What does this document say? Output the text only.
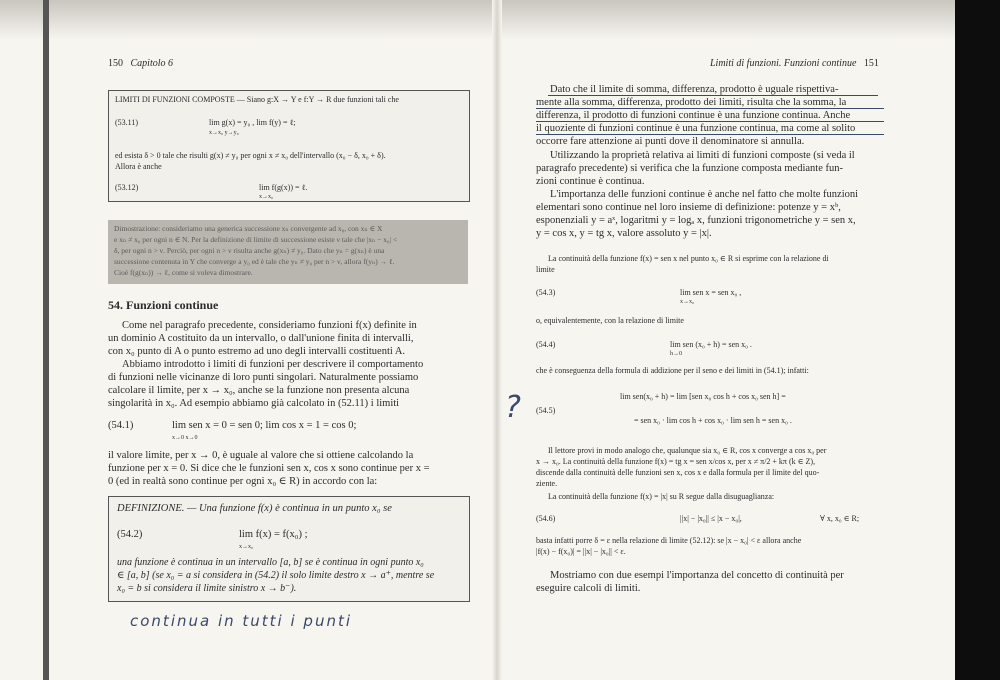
150 Capitolo 6
LIMITI DI FUNZIONI COMPOSTE — Siano g:X → Y e f:Y → R due funzioni tali che
(53.11)	lim g(x) = y₀ , lim f(y) = ℓ;
x→x₀ y→y₀
ed esista δ > 0 tale che risulti g(x) ≠ y₀ per ogni x ≠ x₀ dell'intervallo (x₀ − δ, x₀ + δ).
Allora è anche
(53.12)	lim f(g(x)) = ℓ.
x→x₀
Dimostrazione: consideriamo una generica successione xₙ convergente ad x₀, con xₙ ∈ X
e xₙ ≠ x₀ per ogni n ∈ N. Per la definizione di limite di successione esiste ν tale che |xₙ − x₀| <
δ, per ogni n > ν. Perciò, per ogni n > ν risulta anche g(xₙ) ≠ y₀. Dato che yₙ = g(xₙ) è una
successione contenuta in Y che converge a y₀ ed è tale che yₙ ≠ y₀ per n > ν, allora f(yₙ) → ℓ.
Cioè f(g(xₙ)) → ℓ, come si voleva dimostrare.
54. Funzioni continue
Come nel paragrafo precedente, consideriamo funzioni f(x) definite in
un dominio A costituito da un intervallo, o dall'unione finita di intervalli,
con x₀ punto di A o punto estremo ad uno degli intervalli costituenti A.
Abbiamo introdotto i limiti di funzioni per descrivere il comportamento
di funzioni nelle vicinanze di loro punti singolari. Naturalmente possiamo
calcolare il limite, per x → x₀, anche se la funzione non presenta alcuna
singolarità in x₀. Ad esempio abbiamo già calcolato in (52.11) i limiti
(54.1)	lim sen x = 0 = sen 0; lim cos x = 1 = cos 0;
x→0 x→0
il valore limite, per x → 0, è uguale al valore che si ottiene calcolando la
funzione per x = 0. Si dice che le funzioni sen x, cos x sono continue per x =
0 (ed in realtà sono continue per ogni x₀ ∈ R) in accordo con la:
DEFINIZIONE. — Una funzione f(x) è continua in un punto x₀ se
(54.2)	lim f(x) = f(x₀) ;
x→x₀
una funzione è continua in un intervallo [a, b] se è continua in ogni punto x₀
∈ [a, b] (se x₀ = a si considera in (54.2) il solo limite destro x → a⁺, mentre se
x₀ = b si considera il limite sinistro x → b⁻).
continua in tutti i punti
Limiti di funzioni. Funzioni continue 151
Dato che il limite di somma, differenza, prodotto è uguale rispettiva-
mente alla somma, differenza, prodotto dei limiti, risulta che la somma, la
differenza, il prodotto di funzioni continue è una funzione continua. Anche
il quoziente di funzioni continue è una funzione continua, ma come al solito
occorre fare attenzione ai punti dove il denominatore si annulla.
Utilizzando la proprietà relativa ai limiti di funzioni composte (si veda il
paragrafo precedente) si verifica che la funzione composta mediante fun-
zioni continue è continua.
L'importanza delle funzioni continue è anche nel fatto che molte funzioni
elementari sono continue nel loro insieme di definizione: potenze y = xᵇ,
esponenziali y = aˣ, logaritmi y = logₐ x, funzioni trigonometriche y = sen x,
y = cos x, y = tg x, valore assoluto y = |x|.
La continuità della funzione f(x) = sen x nel punto x₀ ∈ R si esprime con la relazione di
limite
(54.3)	lim sen x = sen x₀ ,
x→x₀
o, equivalentemente, con la relazione di limite
(54.4)	lim sen (x₀ + h) = sen x₀ .
h→0
che è conseguenza della formula di addizione per il seno e dei limiti in (54.1); infatti:
(54.5)
lim sen(x₀ + h) = lim [sen x₀ cos h + cos x₀ sen h] =
= sen x₀ · lim cos h + cos x₀ · lim sen h = sen x₀ .
Il lettore provi in modo analogo che, qualunque sia x₀ ∈ R, cos x converge a cos x₀ per
x → x₀. La continuità della funzione f(x) = tg x = sen x/cos x, per x ≠ π/2 + kπ (k ∈ Z),
discende dalla continuità delle funzioni sen x, cos x e dalla formula per il limite del quo-
ziente.
La continuità della funzione f(x) = |x| su R segue dalla disuguaglianza:
(54.6)	||x| − |x₀|| ≤ |x − x₀|,	∀ x, x₀ ∈ R;
basta infatti porre δ = ε nella relazione di limite (52.12): se |x − x₀| < ε allora anche
|f(x) − f(x₀)| = ||x| − |x₀|| < ε.
Mostriamo con due esempi l'importanza del concetto di continuità per
eseguire calcoli di limiti.
?
